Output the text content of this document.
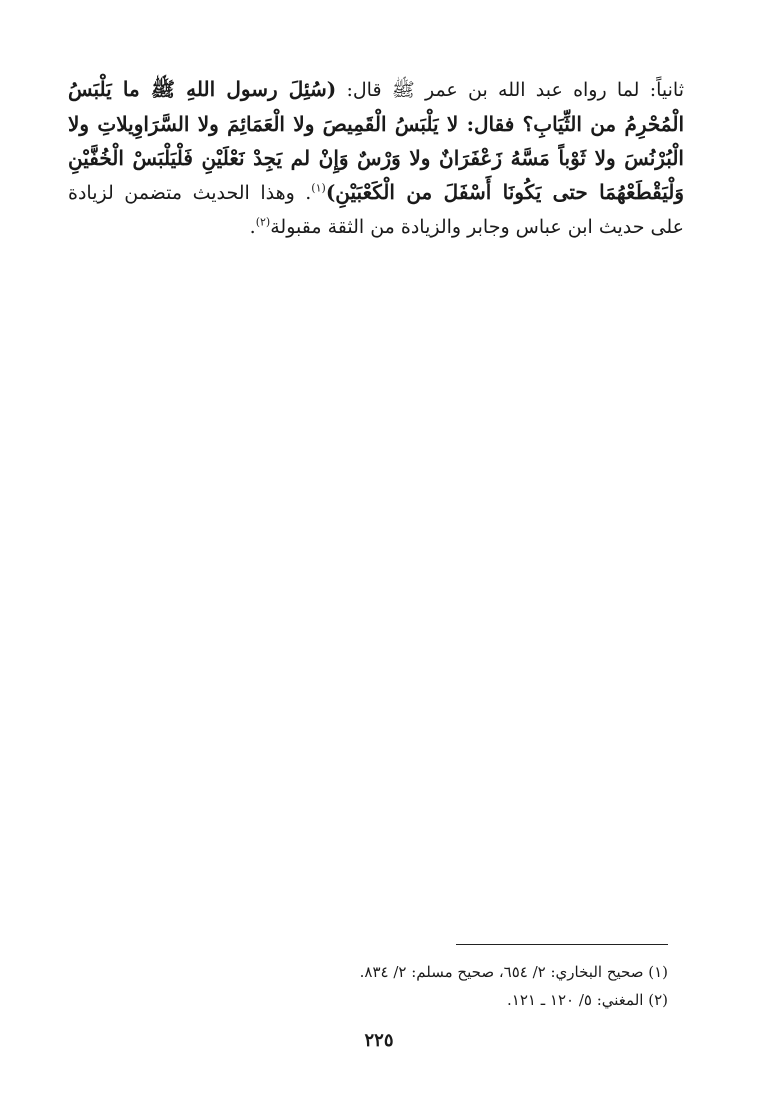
ثانياً: لما رواه عبد الله بن عمر ﷺ قال: (سُئِلَ رسول اللهِ ﷺ ما يَلْبَسُ
الْمُحْرِمُ من الثِّيَابِ؟ فقال: لا يَلْبَسُ الْقَمِيصَ ولا الْعَمَائِمَ ولا السَّرَاوِيلاتِ ولا
الْبُرْنُسَ ولا ثَوْباً مَسَّهُ زَعْفَرَانٌ ولا وَرْسٌ وَإِنْ لم يَجِدْ نَعْلَيْنِ فَلْيَلْبَسْ الْخُفَّيْنِ
وَلْيَقْطَعْهُمَا حتى يَكُونَا أَسْفَلَ من الْكَعْبَيْنِ)$^{(١)}$. وهذا الحديث متضمن لزيادة
على حديث ابن عباس وجابر والزيادة من الثقة مقبولة$^{(٢)}$.
(١) صحيح البخاري: ٢/ ٦٥٤، صحيح مسلم: ٢/ ٨٣٤.
(٢) المغني: ٥/ ١٢٠ ـ ١٢١.
٢٢٥
